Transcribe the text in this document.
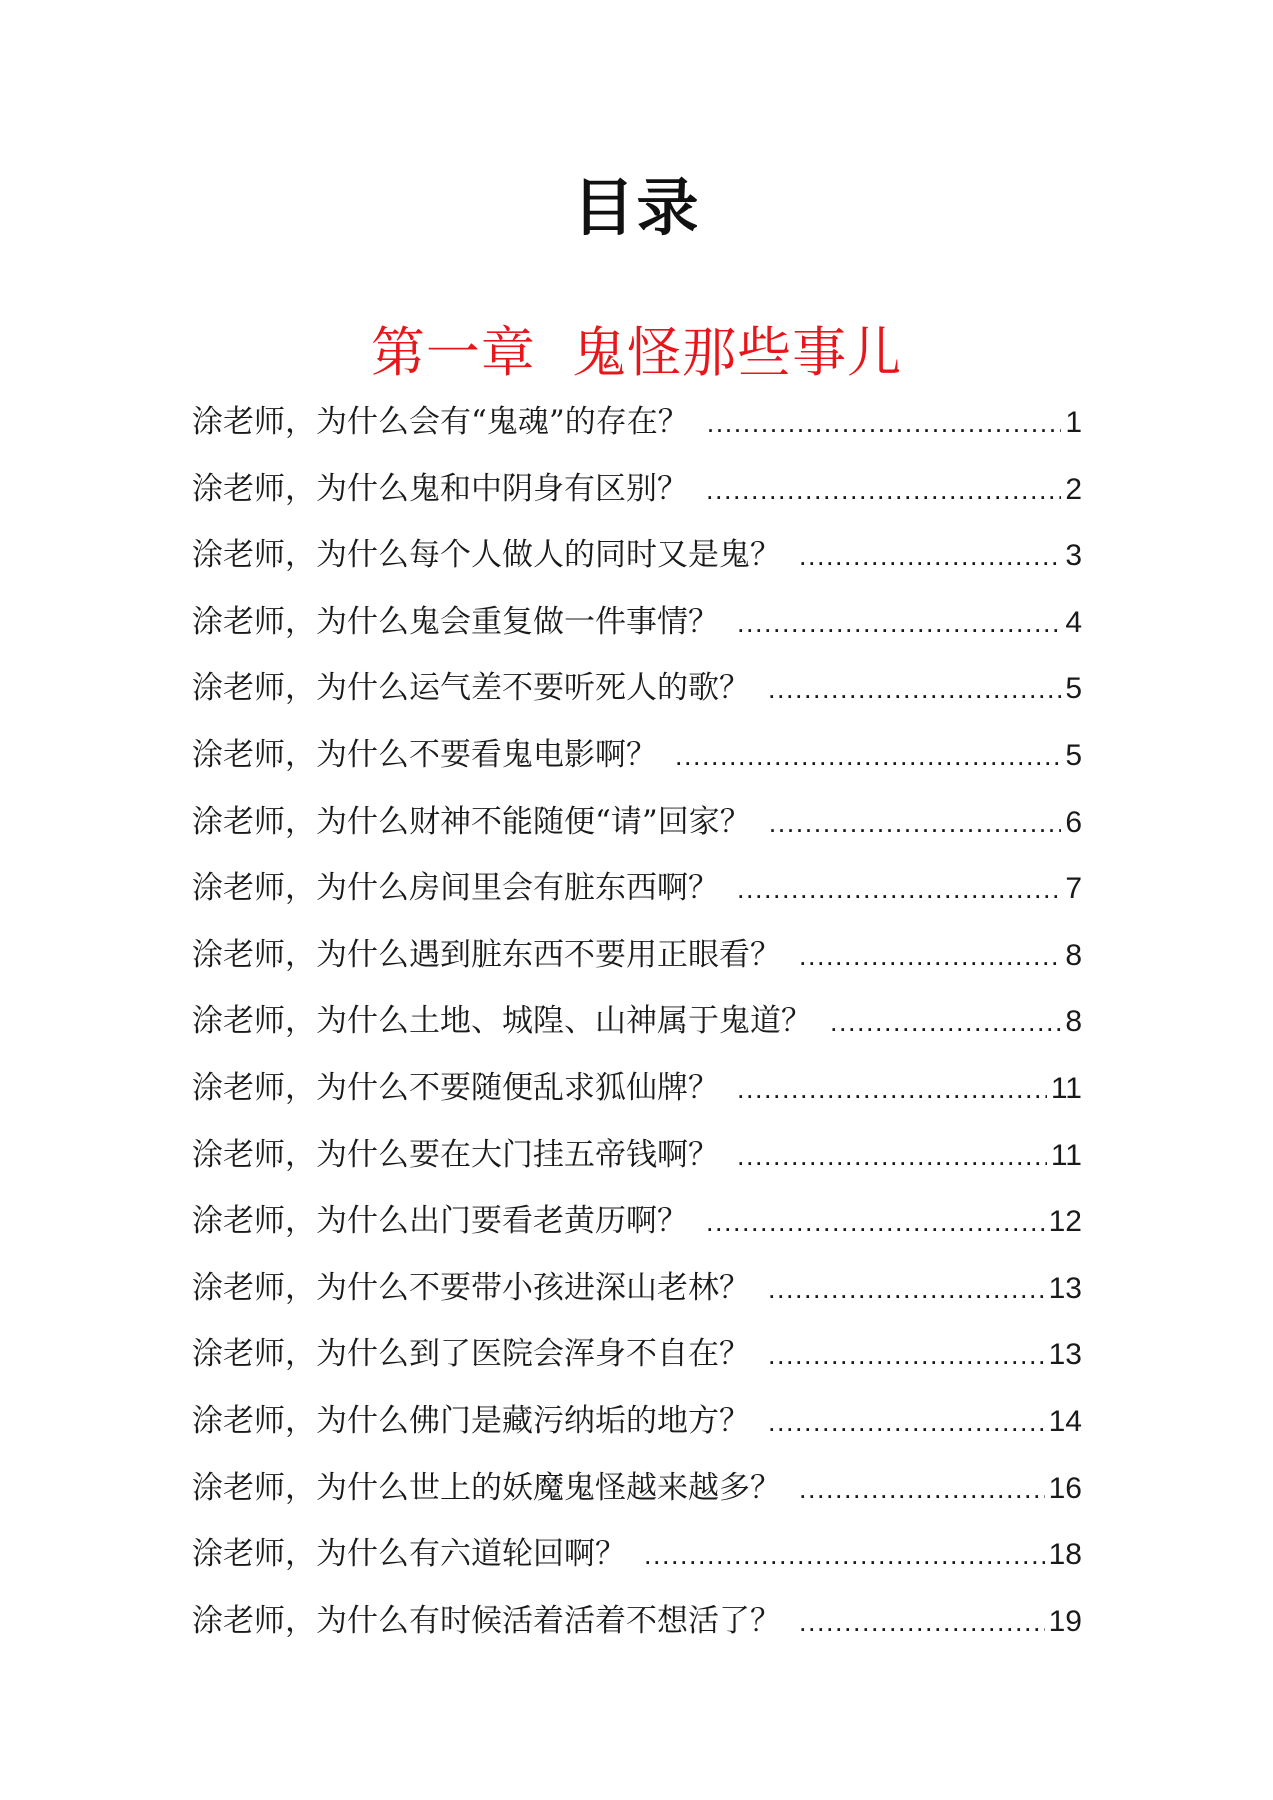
目录
第一章  鬼怪那些事儿
涂老师，为什么会有“鬼魂”的存在？ .....	1
涂老师，为什么鬼和中阴身有区别？ .....	2
涂老师，为什么每个人做人的同时又是鬼？ .....	3
涂老师，为什么鬼会重复做一件事情？ .....	4
涂老师，为什么运气差不要听死人的歌？ .....	5
涂老师，为什么不要看鬼电影啊？ .....	5
涂老师，为什么财神不能随便“请”回家？ .....	6
涂老师，为什么房间里会有脏东西啊？ .....	7
涂老师，为什么遇到脏东西不要用正眼看？ .....	8
涂老师，为什么土地、城隍、山神属于鬼道？ .....	8
涂老师，为什么不要随便乱求狐仙牌？ .....	11
涂老师，为什么要在大门挂五帝钱啊？ .....	11
涂老师，为什么出门要看老黄历啊？ .....	12
涂老师，为什么不要带小孩进深山老林？ .....	13
涂老师，为什么到了医院会浑身不自在？ .....	13
涂老师，为什么佛门是藏污纳垢的地方？ .....	14
涂老师，为什么世上的妖魔鬼怪越来越多？ .....	16
涂老师，为什么有六道轮回啊？ .....	18
涂老师，为什么有时候活着活着不想活了？ .....	19
